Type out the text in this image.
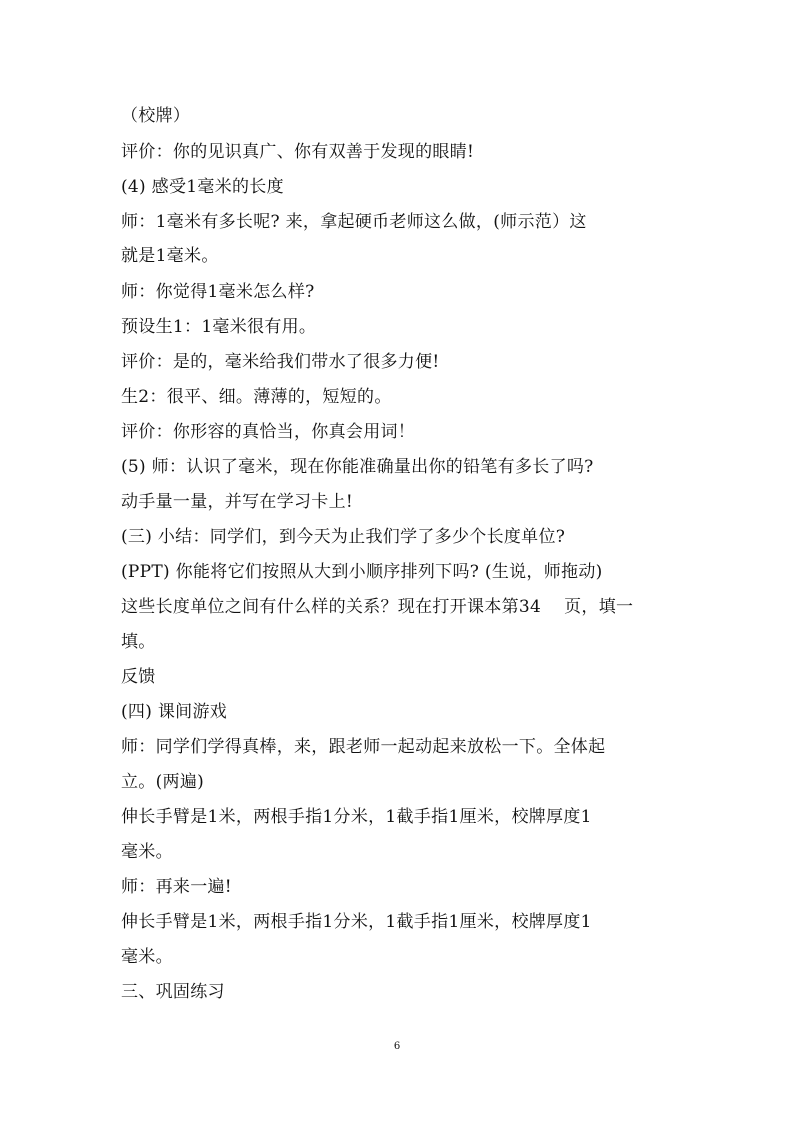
（校牌）
评价：你的见识真广、你有双善于发现的眼睛!
(4) 感受1毫米的长度
师：1毫米有多长呢? 来，拿起硬币老师这么做，(师示范）这
就是1毫米。
师：你觉得1毫米怎么样?
预设生1：1毫米很有用。
评价：是的，毫米给我们带水了很多力便!
生2：很平、细。薄薄的，短短的。
评价：你形容的真恰当，你真会用词！
(5) 师：认识了毫米，现在你能准确量出你的铅笔有多长了吗?
动手量一量，并写在学习卡上!
(三) 小结：同学们，到今天为止我们学了多少个长度单位?
(PPT) 你能将它们按照从大到小顺序排列下吗? (生说，师拖动)
这些长度单位之间有什么样的关系？现在打开课本第34　 页，填一
填。
反馈
(四) 课间游戏
师：同学们学得真棒，来，跟老师一起动起来放松一下。全体起
立。(两遍)
伸长手臂是1米，两根手指1分米，1截手指1厘米，校牌厚度1
毫米。
师：再来一遍!
伸长手臂是1米，两根手指1分米，1截手指1厘米，校牌厚度1
毫米。
三、巩固练习
6
